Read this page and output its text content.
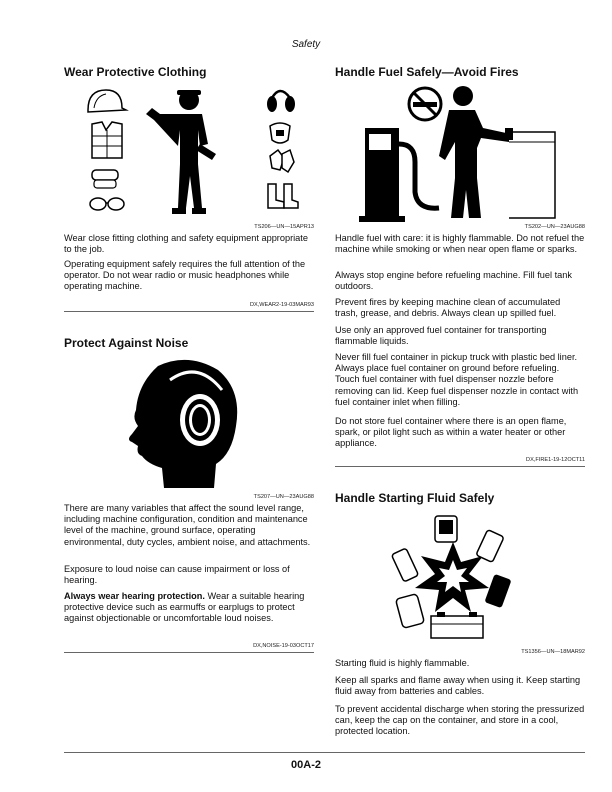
Safety
Wear Protective Clothing
TS206—UN—15APR13

Wear close fitting clothing and safety equipment appropriate to the job.

Operating equipment safely requires the full attention of the operator. Do not wear radio or music headphones while operating machine.

DX,WEAR2-19-03MAR93
Protect Against Noise
TS207—UN—23AUG88

There are many variables that affect the sound level range, including machine configuration, condition and maintenance level of the machine, ground surface, operating environmental, duty cycles, ambient noise, and attachments.

Exposure to loud noise can cause impairment or loss of hearing.

Always wear hearing protection. Wear a suitable hearing protective device such as earmuffs or earplugs to protect against objectionable or uncomfortable loud noises.

DX,NOISE-19-03OCT17
Handle Fuel Safely—Avoid Fires
TS202—UN—23AUG88

Handle fuel with care: it is highly flammable. Do not refuel the machine while smoking or when near open flame or sparks.

Always stop engine before refueling machine. Fill fuel tank outdoors.

Prevent fires by keeping machine clean of accumulated trash, grease, and debris. Always clean up spilled fuel.

Use only an approved fuel container for transporting flammable liquids.

Never fill fuel container in pickup truck with plastic bed liner. Always place fuel container on ground before refueling. Touch fuel container with fuel dispenser nozzle before removing can lid. Keep fuel dispenser nozzle in contact with fuel container inlet when filling.

Do not store fuel container where there is an open flame, spark, or pilot light such as within a water heater or other appliance.

DX,FIRE1-19-12OCT11
Handle Starting Fluid Safely
TS1356—UN—18MAR92

Starting fluid is highly flammable.

Keep all sparks and flame away when using it. Keep starting fluid away from batteries and cables.

To prevent accidental discharge when storing the pressurized can, keep the cap on the container, and store in a cool, protected location.

00A-2
